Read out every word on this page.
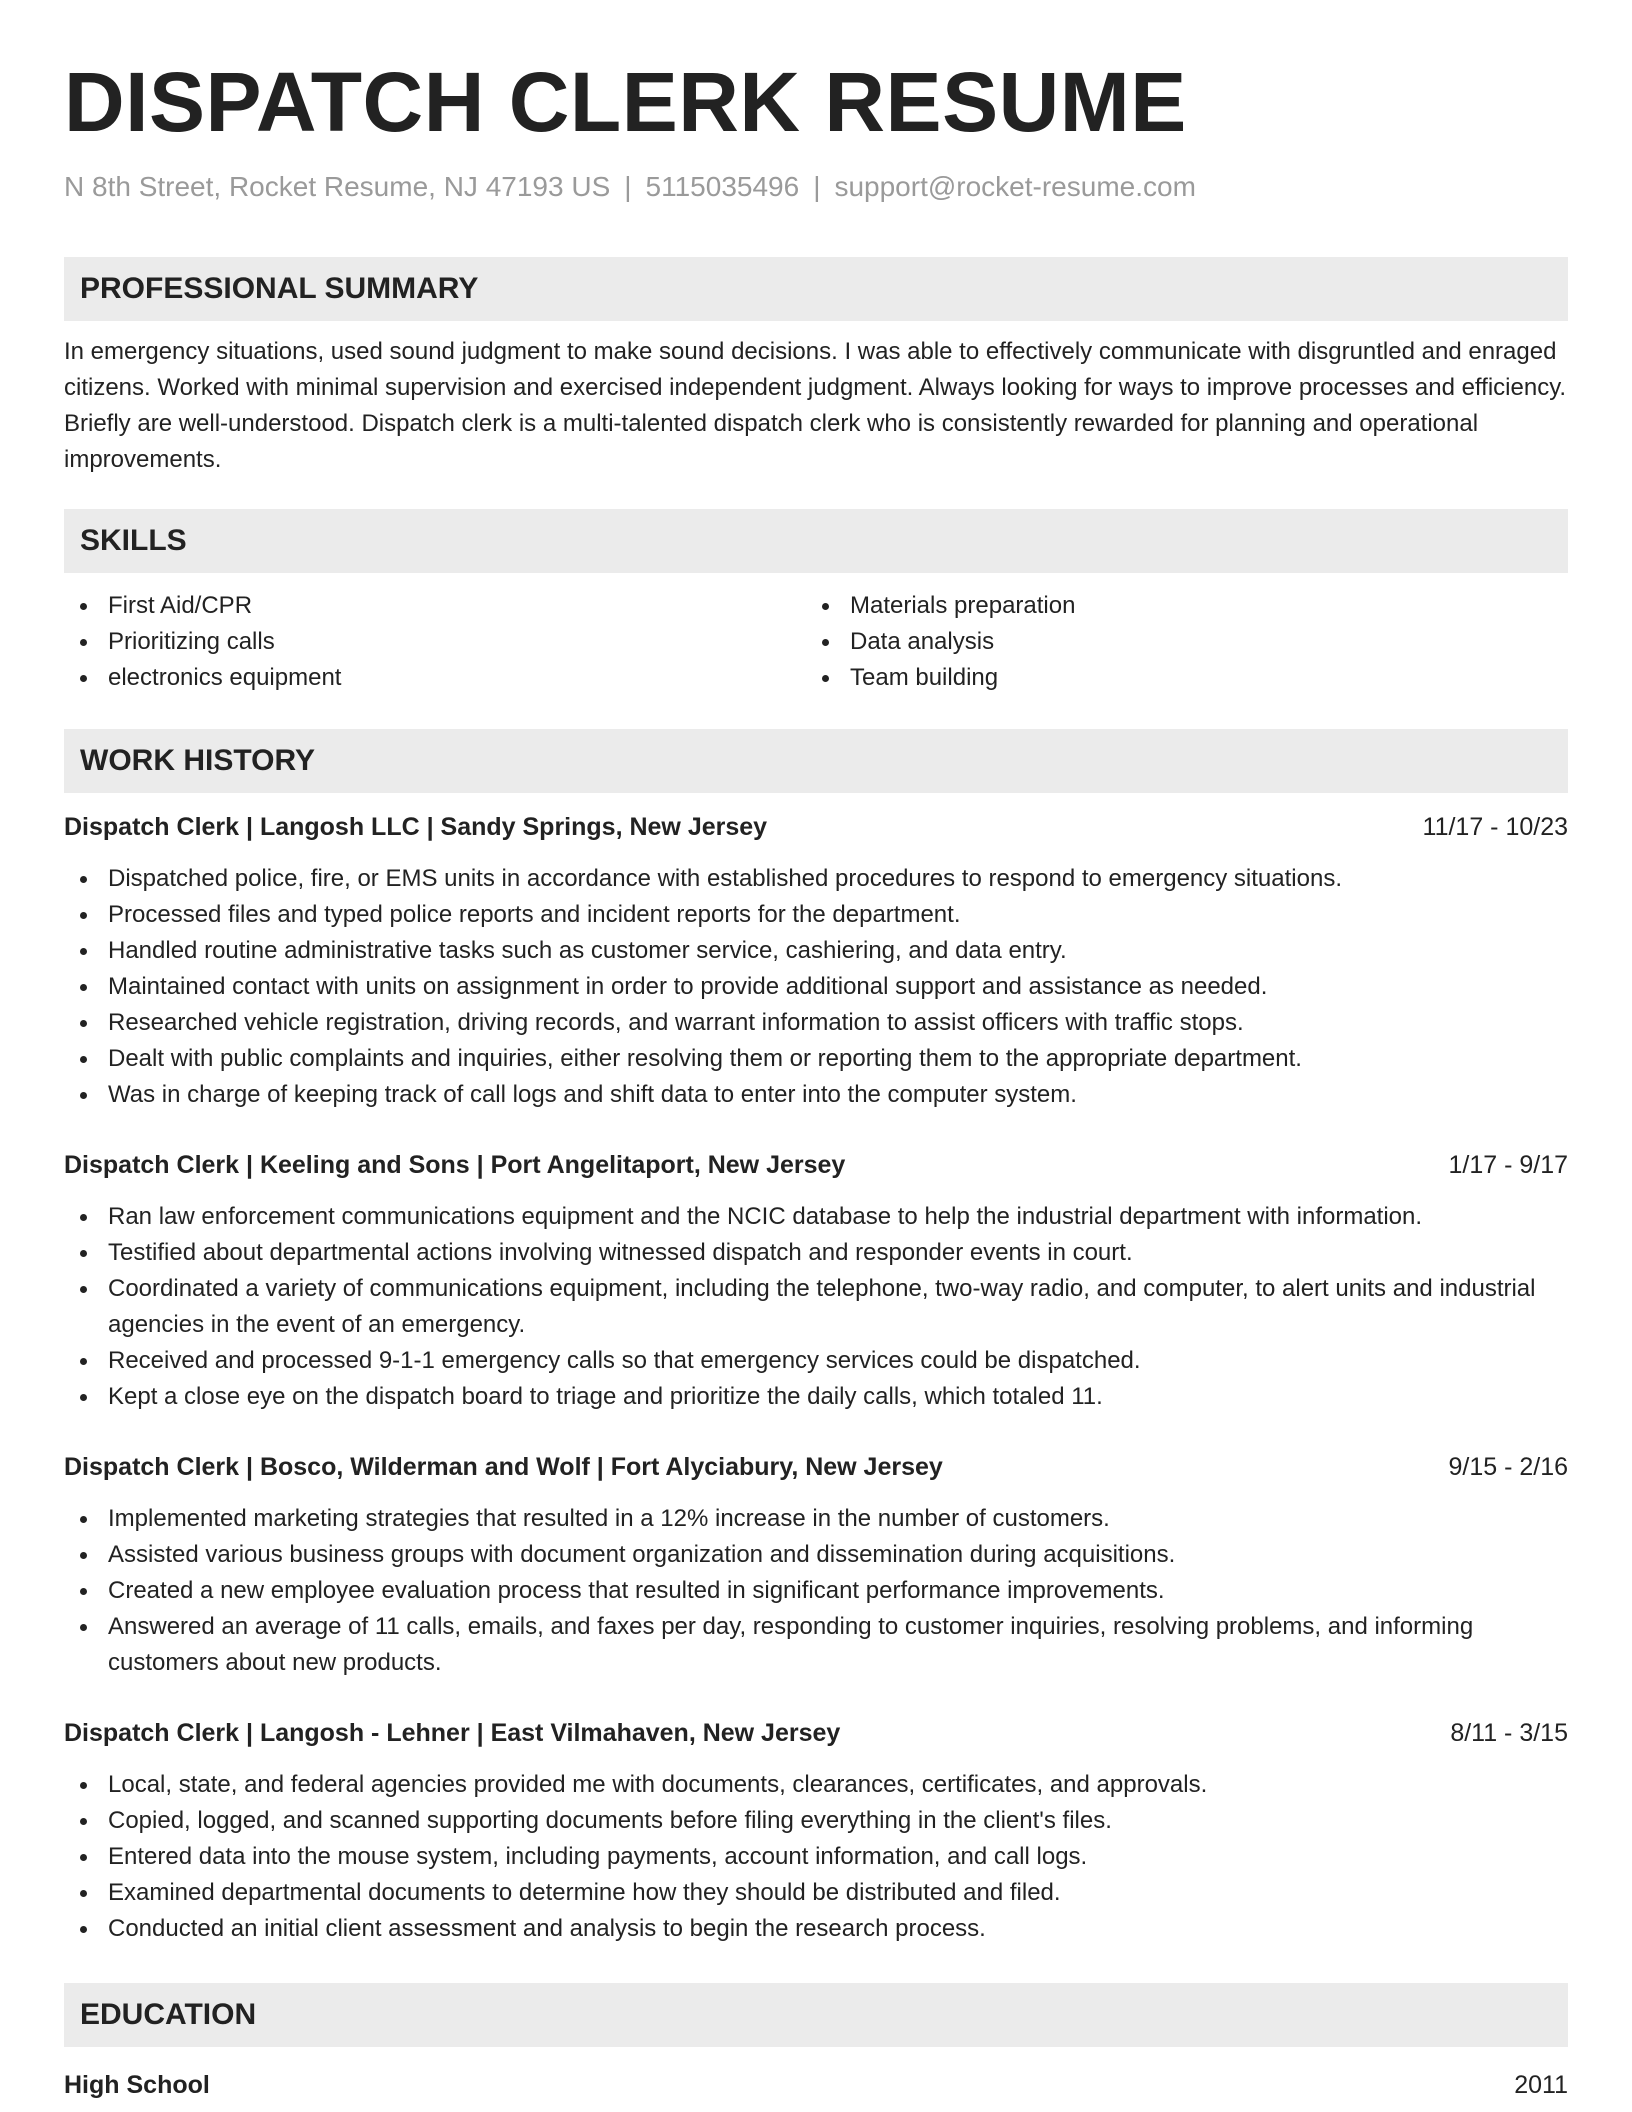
DISPATCH CLERK RESUME
N 8th Street, Rocket Resume, NJ 47193 US | 5115035496 | support@rocket-resume.com
PROFESSIONAL SUMMARY
In emergency situations, used sound judgment to make sound decisions. I was able to effectively communicate with disgruntled and enraged citizens. Worked with minimal supervision and exercised independent judgment. Always looking for ways to improve processes and efficiency. Briefly are well-understood. Dispatch clerk is a multi-talented dispatch clerk who is consistently rewarded for planning and operational improvements.
SKILLS
First Aid/CPR
Prioritizing calls
electronics equipment
Materials preparation
Data analysis
Team building
WORK HISTORY
Dispatch Clerk | Langosh LLC | Sandy Springs, New Jersey	11/17 - 10/23
Dispatched police, fire, or EMS units in accordance with established procedures to respond to emergency situations.
Processed files and typed police reports and incident reports for the department.
Handled routine administrative tasks such as customer service, cashiering, and data entry.
Maintained contact with units on assignment in order to provide additional support and assistance as needed.
Researched vehicle registration, driving records, and warrant information to assist officers with traffic stops.
Dealt with public complaints and inquiries, either resolving them or reporting them to the appropriate department.
Was in charge of keeping track of call logs and shift data to enter into the computer system.
Dispatch Clerk | Keeling and Sons | Port Angelitaport, New Jersey	1/17 - 9/17
Ran law enforcement communications equipment and the NCIC database to help the industrial department with information.
Testified about departmental actions involving witnessed dispatch and responder events in court.
Coordinated a variety of communications equipment, including the telephone, two-way radio, and computer, to alert units and industrial agencies in the event of an emergency.
Received and processed 9-1-1 emergency calls so that emergency services could be dispatched.
Kept a close eye on the dispatch board to triage and prioritize the daily calls, which totaled 11.
Dispatch Clerk | Bosco, Wilderman and Wolf | Fort Alyciabury, New Jersey	9/15 - 2/16
Implemented marketing strategies that resulted in a 12% increase in the number of customers.
Assisted various business groups with document organization and dissemination during acquisitions.
Created a new employee evaluation process that resulted in significant performance improvements.
Answered an average of 11 calls, emails, and faxes per day, responding to customer inquiries, resolving problems, and informing customers about new products.
Dispatch Clerk | Langosh - Lehner | East Vilmahaven, New Jersey	8/11 - 3/15
Local, state, and federal agencies provided me with documents, clearances, certificates, and approvals.
Copied, logged, and scanned supporting documents before filing everything in the client's files.
Entered data into the mouse system, including payments, account information, and call logs.
Examined departmental documents to determine how they should be distributed and filed.
Conducted an initial client assessment and analysis to begin the research process.
EDUCATION
High School	2011
